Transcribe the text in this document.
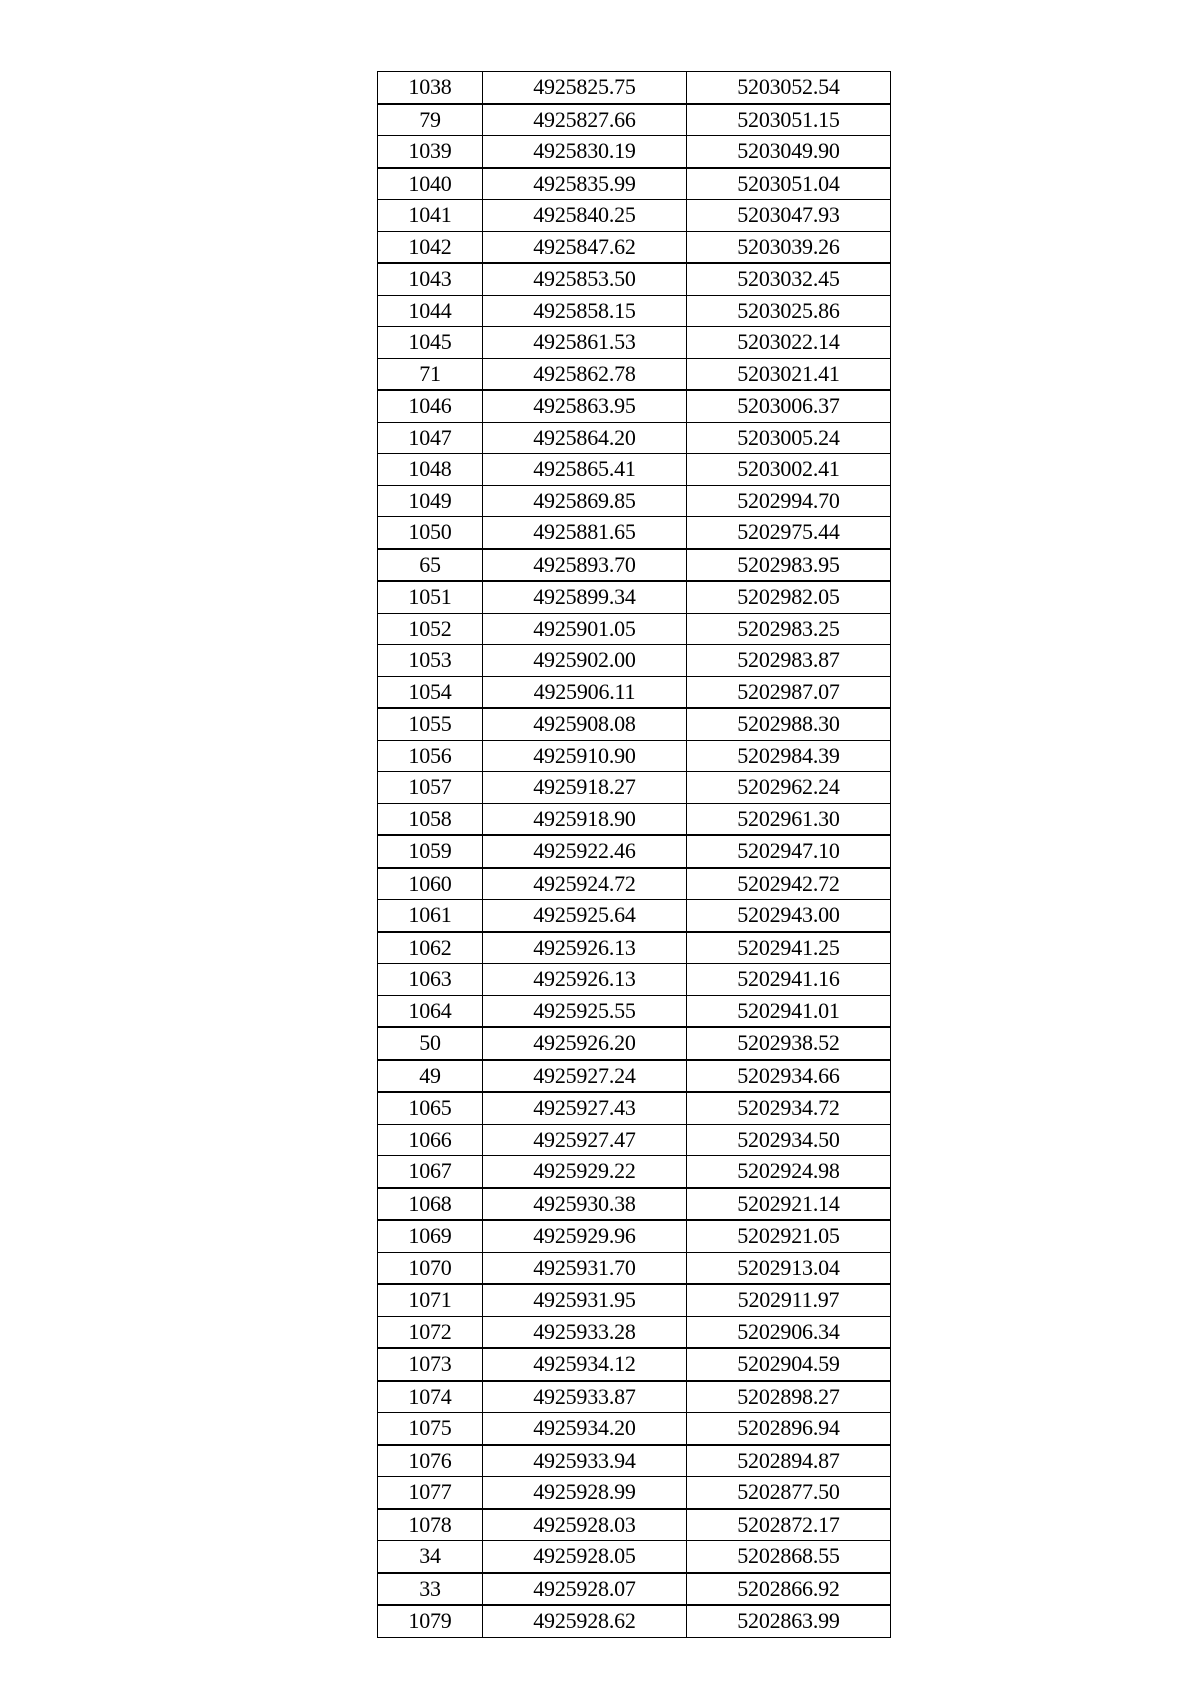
1038	4925825.75	5203052.54
79	4925827.66	5203051.15
1039	4925830.19	5203049.90
1040	4925835.99	5203051.04
1041	4925840.25	5203047.93
1042	4925847.62	5203039.26
1043	4925853.50	5203032.45
1044	4925858.15	5203025.86
1045	4925861.53	5203022.14
71	4925862.78	5203021.41
1046	4925863.95	5203006.37
1047	4925864.20	5203005.24
1048	4925865.41	5203002.41
1049	4925869.85	5202994.70
1050	4925881.65	5202975.44
65	4925893.70	5202983.95
1051	4925899.34	5202982.05
1052	4925901.05	5202983.25
1053	4925902.00	5202983.87
1054	4925906.11	5202987.07
1055	4925908.08	5202988.30
1056	4925910.90	5202984.39
1057	4925918.27	5202962.24
1058	4925918.90	5202961.30
1059	4925922.46	5202947.10
1060	4925924.72	5202942.72
1061	4925925.64	5202943.00
1062	4925926.13	5202941.25
1063	4925926.13	5202941.16
1064	4925925.55	5202941.01
50	4925926.20	5202938.52
49	4925927.24	5202934.66
1065	4925927.43	5202934.72
1066	4925927.47	5202934.50
1067	4925929.22	5202924.98
1068	4925930.38	5202921.14
1069	4925929.96	5202921.05
1070	4925931.70	5202913.04
1071	4925931.95	5202911.97
1072	4925933.28	5202906.34
1073	4925934.12	5202904.59
1074	4925933.87	5202898.27
1075	4925934.20	5202896.94
1076	4925933.94	5202894.87
1077	4925928.99	5202877.50
1078	4925928.03	5202872.17
34	4925928.05	5202868.55
33	4925928.07	5202866.92
1079	4925928.62	5202863.99
